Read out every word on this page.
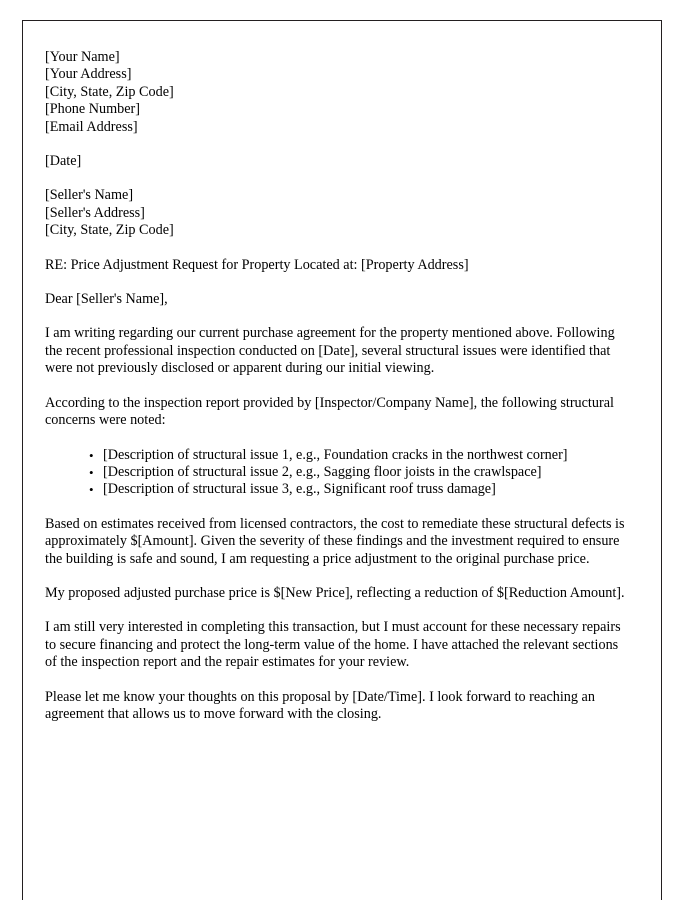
[Your Name]
[Your Address]
[City, State, Zip Code]
[Phone Number]
[Email Address]
[Date]
[Seller's Name]
[Seller's Address]
[City, State, Zip Code]

RE: Price Adjustment Request for Property Located at: [Property Address]

Dear [Seller's Name],

I am writing regarding our current purchase agreement for the property mentioned above. Following the recent professional inspection conducted on [Date], several structural issues were identified that were not previously disclosed or apparent during our initial viewing.

According to the inspection report provided by [Inspector/Company Name], the following structural concerns were noted:

• [Description of structural issue 1, e.g., Foundation cracks in the northwest corner]
• [Description of structural issue 2, e.g., Sagging floor joists in the crawlspace]
• [Description of structural issue 3, e.g., Significant roof truss damage]

Based on estimates received from licensed contractors, the cost to remediate these structural defects is approximately $[Amount]. Given the severity of these findings and the investment required to ensure the building is safe and sound, I am requesting a price adjustment to the original purchase price.

My proposed adjusted purchase price is $[New Price], reflecting a reduction of $[Reduction Amount].

I am still very interested in completing this transaction, but I must account for these necessary repairs to secure financing and protect the long-term value of the home. I have attached the relevant sections of the inspection report and the repair estimates for your review.

Please let me know your thoughts on this proposal by [Date/Time]. I look forward to reaching an agreement that allows us to move forward with the closing.
